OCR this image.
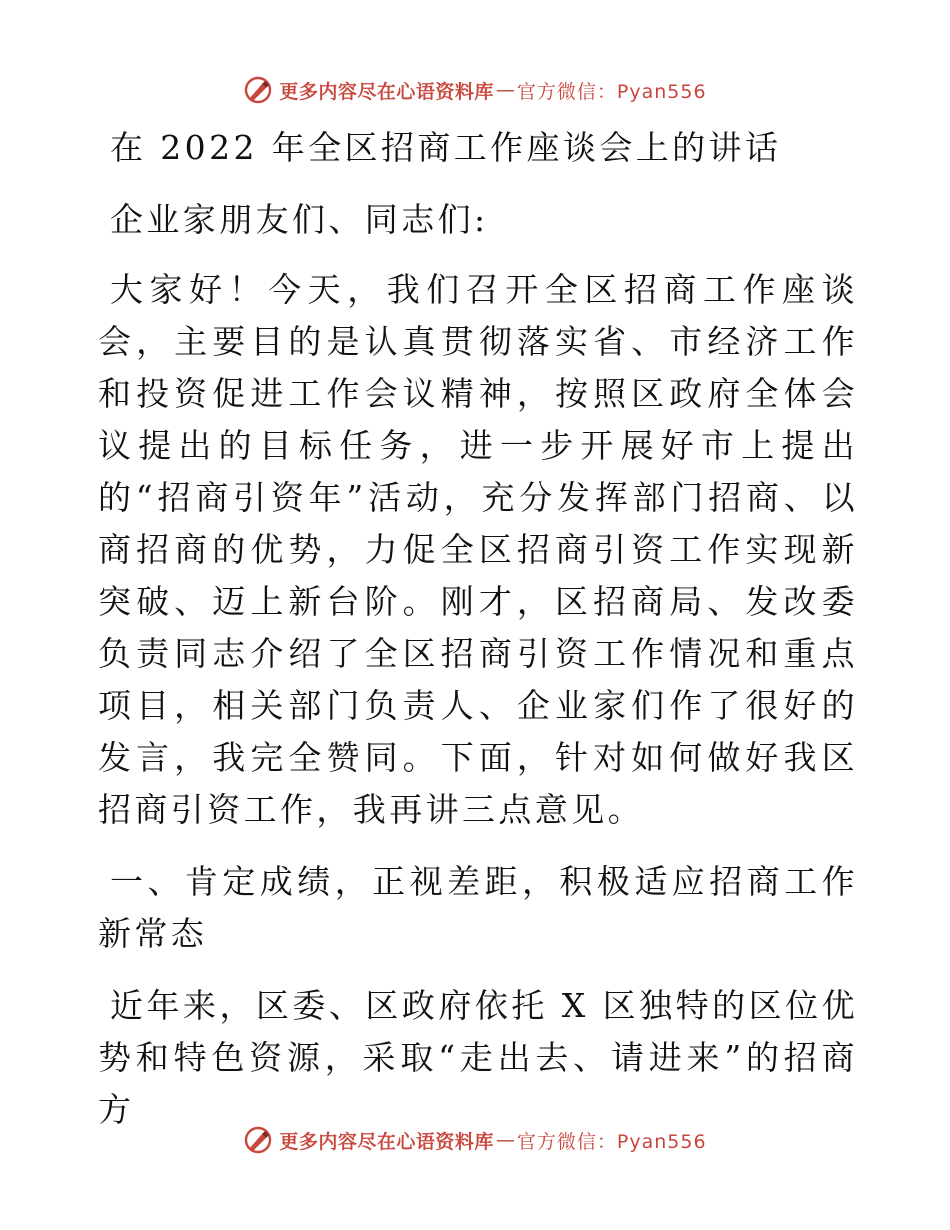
更多内容尽在心语资料库 — 官方微信：Pyan556

在 2022 年全区招商工作座谈会上的讲话

企业家朋友们、同志们:

大家好！今天，我们召开全区招商工作座谈会，主要目的是认真贯彻落实省、市经济工作和投资促进工作会议精神，按照区政府全体会议提出的目标任务，进一步开展好市上提出的“招商引资年”活动，充分发挥部门招商、以商招商的优势，力促全区招商引资工作实现新突破、迈上新台阶。刚才，区招商局、发改委负责同志介绍了全区招商引资工作情况和重点项目，相关部门负责人、企业家们作了很好的发言，我完全赞同。下面，针对如何做好我区招商引资工作，我再讲三点意见。

一、肯定成绩，正视差距，积极适应招商工作新常态

近年来，区委、区政府依托 X 区独特的区位优势和特色资源，采取“走出去、请进来”的招商方

更多内容尽在心语资料库 — 官方微信：Pyan556
